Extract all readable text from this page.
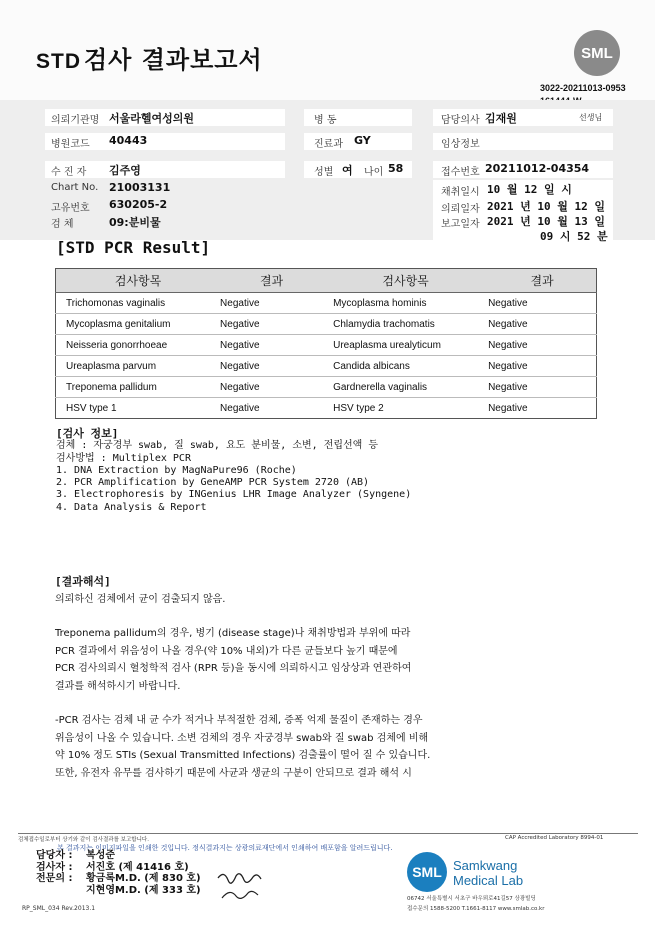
STD 검사 결과보고서	SML
3022-20211013-0953
의뢰기관명 서울라헬여성의원	병 동	담당의사 김재원	선생님
병원코드 40443	진료과 GY	임상정보
수 진 자 김주영	성별 여 나이 58	접수번호 20211012-04354
Chart No. 21003131
고유번호 630205-2
검 체	09:분비물
채취일시 10 월 12 일 시
의뢰일자 2021 년 10 월 12 일
보고일자 2021 년 10 월 13 일
09 시 52 분
[STD PCR Result]
검사항목	결과	검사항목	결과
Trichomonas vaginalis	Negative	Mycoplasma hominis	Negative
Mycoplasma genitalium	Negative	Chlamydia trachomatis	Negative
Neisseria gonorrhoeae	Negative	Ureaplasma urealyticum	Negative
Ureaplasma parvum	Negative	Candida albicans	Negative
Treponema pallidum	Negative	Gardnerella vaginalis	Negative
HSV type 1	Negative	HSV type 2	Negative
[검사 정보]
검체 : 자궁경부 swab, 질 swab, 요도 분비물, 소변, 전립선액 등
검사방법 : Multiplex PCR
1. DNA Extraction by MagNaPure96 (Roche)
2. PCR Amplification by GeneAMP PCR System 2720 (AB)
3. Electrophoresis by INGenius LHR Image Analyzer (Syngene)
4. Data Analysis & Report
[결과해석]
의뢰하신 검체에서 균이 검출되지 않음.
Treponema pallidum의 경우, 병기 (disease stage)나 채취방법과 부위에 따라
PCR 결과에서 위음성이 나올 경우(약 10% 내외)가 다른 균들보다 높기 때문에
PCR 검사의뢰시 혈청학적 검사 (RPR 등)을 동시에 의뢰하시고 임상상과 연관하여
결과를 해석하시기 바랍니다.
-PCR 검사는 검체 내 균 수가 적거나 부적절한 검체, 증폭 억제 물질이 존재하는 경우
위음성이 나올 수 있습니다. 소변 검체의 경우 자궁경부 swab와 질 swab 검체에 비해
약 10% 정도 STIs (Sexual Transmitted Infections) 검출률이 떨어 질 수 있습니다.
또한, 유전자 유무를 검사하기 때문에 사균과 생균의 구분이 안되므로 결과 해석 시
검체접수일로부터 상기와 같이 검사결과를 보고합니다.	CAP Accredited Laboratory 8994-01
본 결과지는 이미지파일을 인쇄한 것입니다. 정식결과지는 상광의료재단에서 인쇄하여 배포함을 알려드립니다.
담당자 : 복성준
검사자 : 서진호 (제 41416 호)
전문의 : 황금록M.D. (제 830 호)
지현영M.D. (제 333 호)
RP_SML_034 Rev.2013.1
SML Samkwang
Medical Lab
06742 서울특별시 서초구 바우뫼로41길57 상광빌딩
접수문의 1588-5200 T.1661-8117 www.smlab.co.kr
